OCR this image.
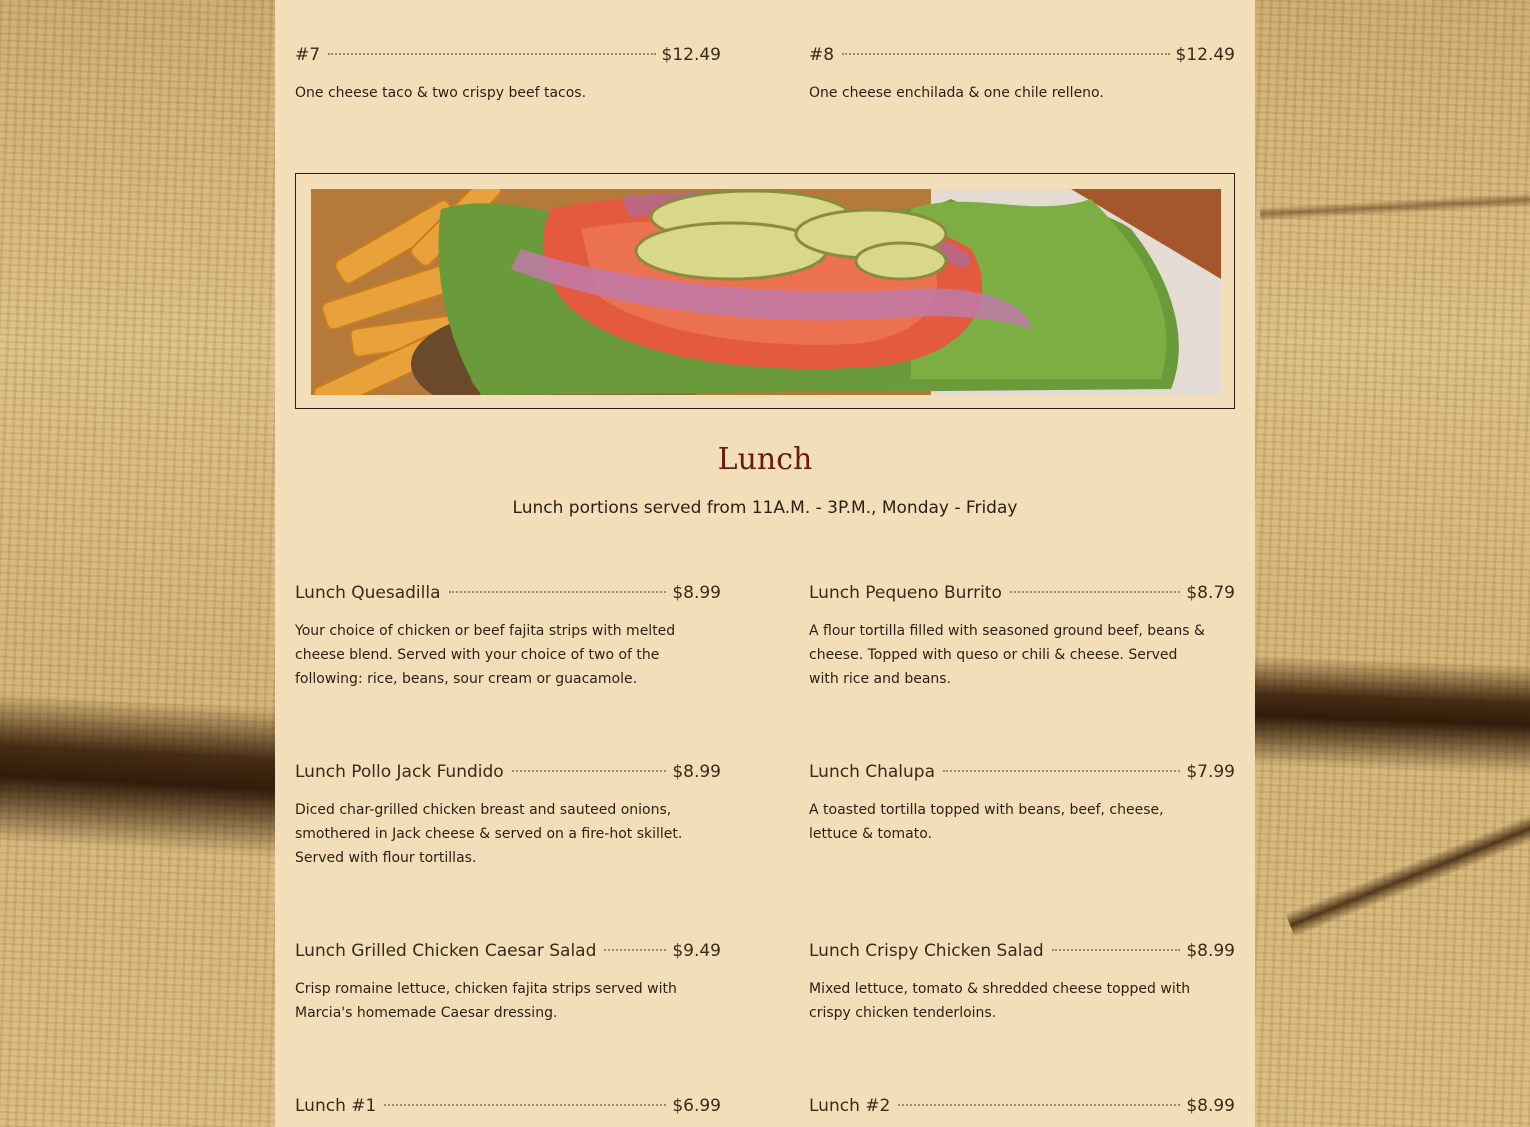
#7	$12.49
One cheese taco & two crispy beef tacos.
#8	$12.49
One cheese enchilada & one chile relleno.
Lunch
Lunch portions served from 11A.M. - 3P.M., Monday - Friday
Lunch Quesadilla	$8.99
Your choice of chicken or beef fajita strips with melted cheese blend. Served with your choice of two of the following: rice, beans, sour cream or guacamole.
Lunch Pequeno Burrito	$8.79
A flour tortilla filled with seasoned ground beef, beans & cheese. Topped with queso or chili & cheese. Served with rice and beans.
Lunch Pollo Jack Fundido	$8.99
Diced char-grilled chicken breast and sauteed onions, smothered in Jack cheese & served on a fire-hot skillet. Served with flour tortillas.
Lunch Chalupa	$7.99
A toasted tortilla topped with beans, beef, cheese, lettuce & tomato.
Lunch Grilled Chicken Caesar Salad	$9.49
Crisp romaine lettuce, chicken fajita strips served with Marcia's homemade Caesar dressing.
Lunch Crispy Chicken Salad	$8.99
Mixed lettuce, tomato & shredded cheese topped with crispy chicken tenderloins.
Lunch #1	$6.99	Lunch #2	$8.99
